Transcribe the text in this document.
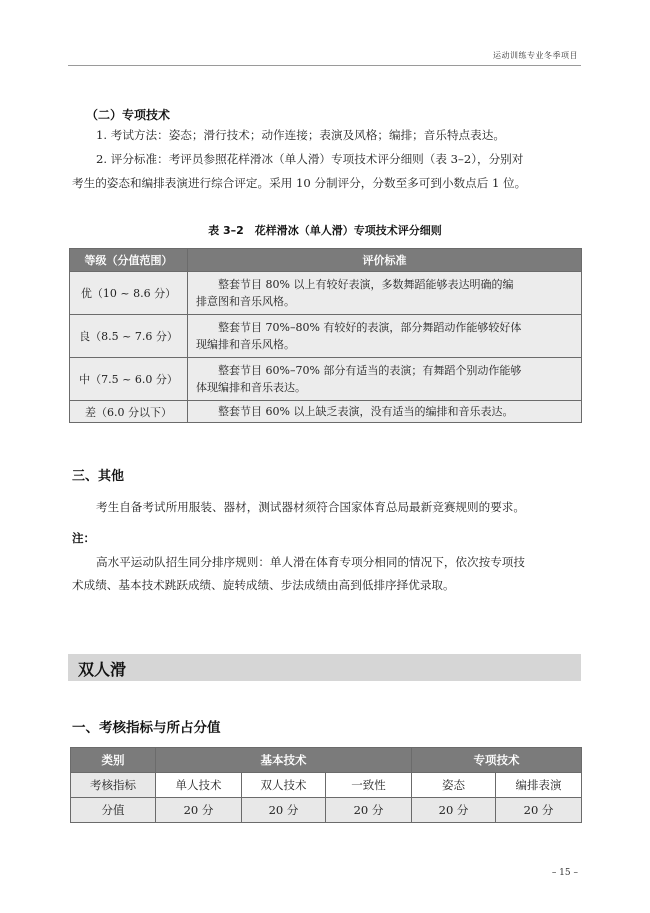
运动训练专业冬季项目
（二）专项技术
1. 考试方法：姿态；滑行技术；动作连接；表演及风格；编排；音乐特点表达。
2. 评分标准：考评员参照花样滑冰（单人滑）专项技术评分细则（表 3–2），分别对
考生的姿态和编排表演进行综合评定。采用 10 分制评分，分数至多可到小数点后 1 位。
表 3–2　花样滑冰（单人滑）专项技术评分细则
等级（分值范围）	评价标准
优（10 ~ 8.6 分）	整套节目 80% 以上有较好表演，多数舞蹈能够表达明确的编
排意图和音乐风格。

良（8.5 ~ 7.6 分）	整套节目 70%–80% 有较好的表演，部分舞蹈动作能够较好体
现编排和音乐风格。

中（7.5 ~ 6.0 分）	整套节目 60%–70% 部分有适当的表演；有舞蹈个别动作能够
体现编排和音乐表达。

差（6.0 分以下）	整套节目 60% 以上缺乏表演，没有适当的编排和音乐表达。
三、其他
考生自备考试所用服装、器材，测试器材须符合国家体育总局最新竞赛规则的要求。
注：
高水平运动队招生同分排序规则：单人滑在体育专项分相同的情况下，依次按专项技
术成绩、基本技术跳跃成绩、旋转成绩、步法成绩由高到低排序择优录取。
双人滑
一、考核指标与所占分值
类别	基本技术			专项技术	
考核指标	单人技术	双人技术	一致性	姿态	编排表演
分值	20 分	20 分	20 分	20 分	20 分
– 15 –
